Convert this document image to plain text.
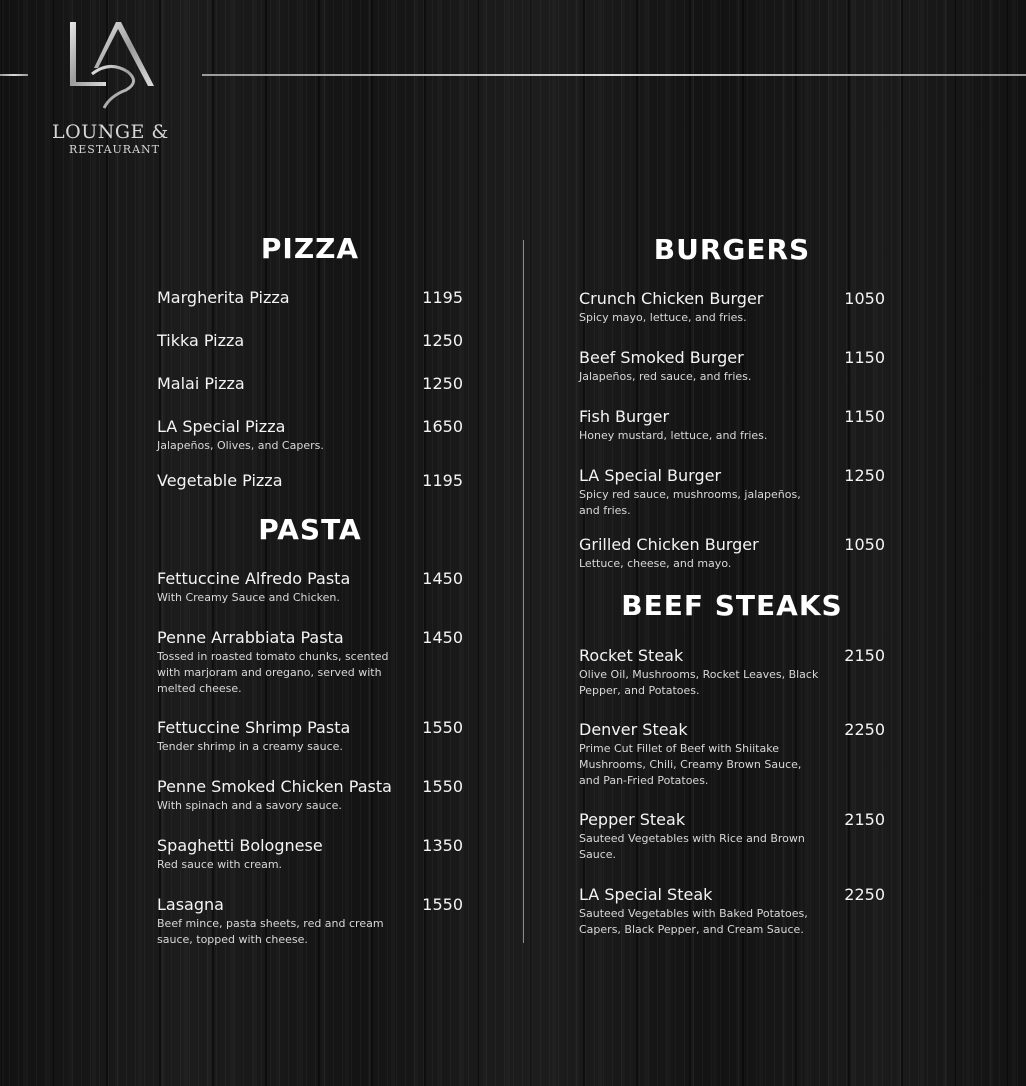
LOUNGE &
RESTAURANT
PIZZA
Margherita Pizza	1195
Tikka Pizza	1250
Malai Pizza	1250
LA Special Pizza	1650
Jalapeños, Olives, and Capers.
Vegetable Pizza	1195
PASTA
Fettuccine Alfredo Pasta	1450
With Creamy Sauce and Chicken.
Penne Arrabbiata Pasta	1450
Tossed in roasted tomato chunks, scented with marjoram and oregano, served with melted cheese.
Fettuccine Shrimp Pasta	1550
Tender shrimp in a creamy sauce.
Penne Smoked Chicken Pasta 1550
With spinach and a savory sauce.
Spaghetti Bolognese	1350
Red sauce with cream.
Lasagna	1550
Beef mince, pasta sheets, red and cream sauce, topped with cheese.
BURGERS
Crunch Chicken Burger	1050
Spicy mayo, lettuce, and fries.
Beef Smoked Burger	1150
Jalapeños, red sauce, and fries.
Fish Burger	1150
Honey mustard, lettuce, and fries.
LA Special Burger	1250
Spicy red sauce, mushrooms, jalapeños, and fries.
Grilled Chicken Burger	1050
Lettuce, cheese, and mayo.
BEEF STEAKS
Rocket Steak	2150
Olive Oil, Mushrooms, Rocket Leaves, Black Pepper, and Potatoes.
Denver Steak	2250
Prime Cut Fillet of Beef with Shiitake Mushrooms, Chili, Creamy Brown Sauce, and Pan-Fried Potatoes.
Pepper Steak	2150
Sauteed Vegetables with Rice and Brown Sauce.
LA Special Steak	2250
Sauteed Vegetables with Baked Potatoes, Capers, Black Pepper, and Cream Sauce.
